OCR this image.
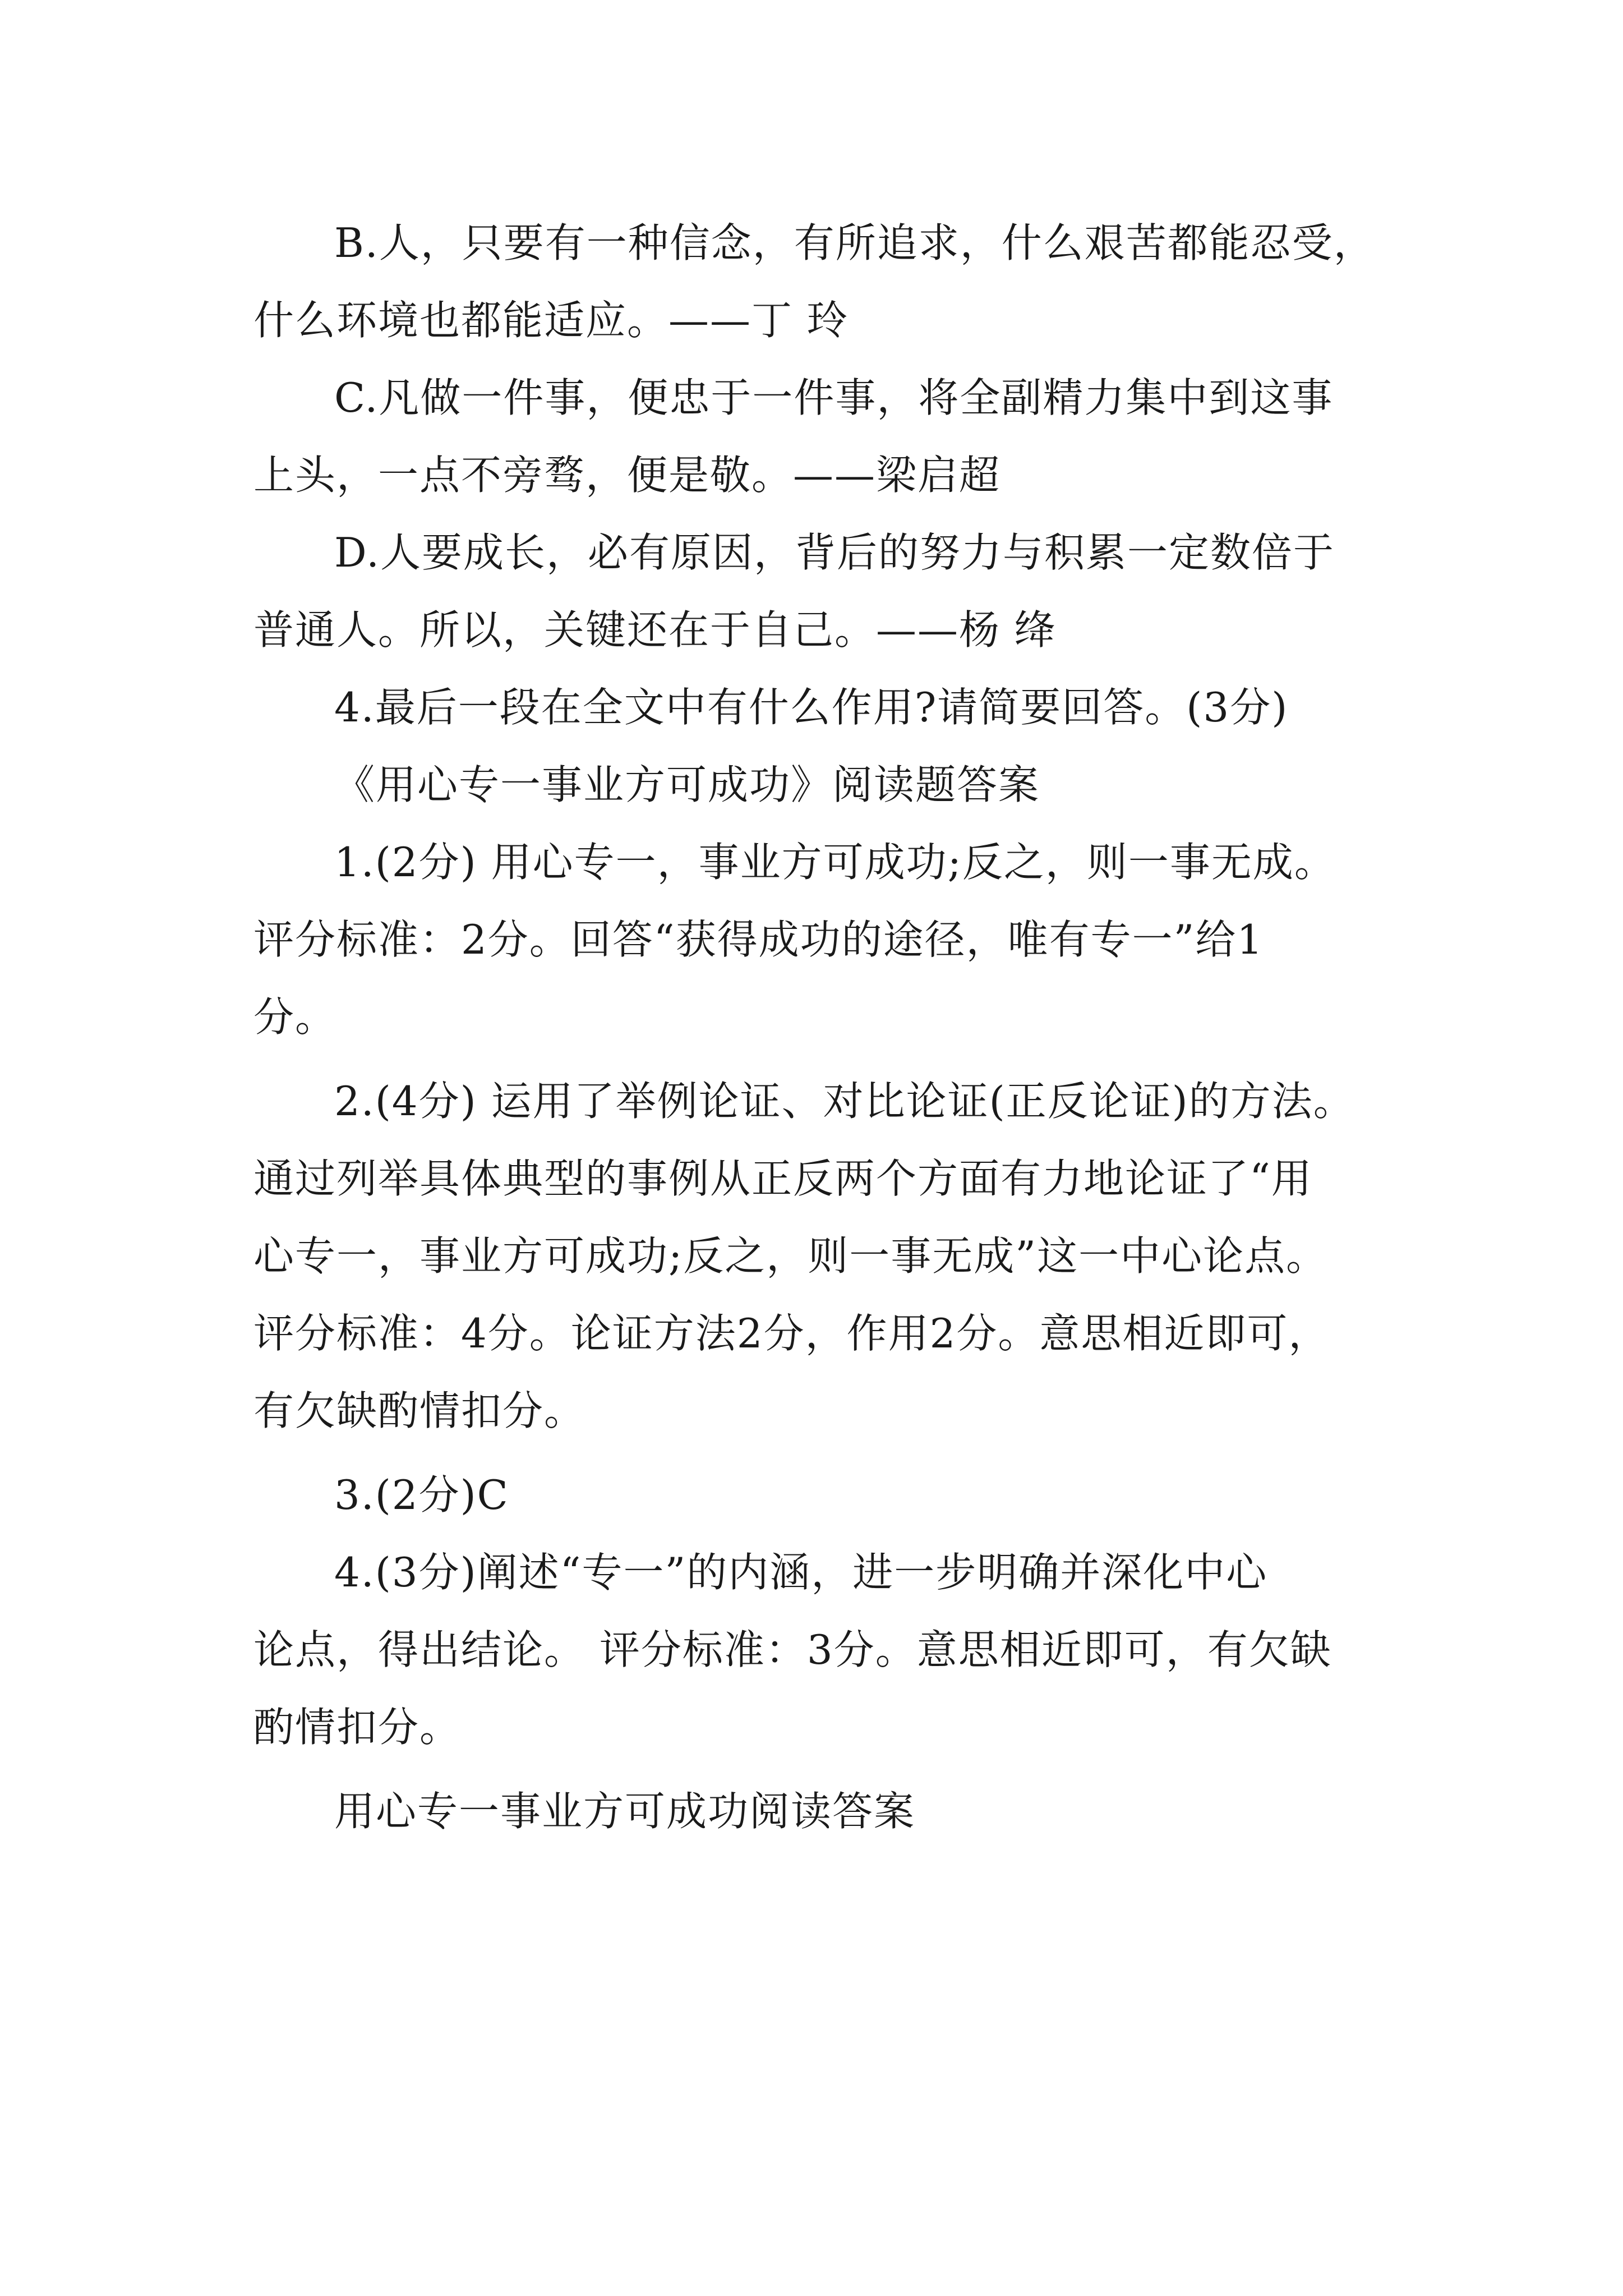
B.人，只要有一种信念，有所追求，什么艰苦都能忍受，
什么环境也都能适应。——丁 玲
C.凡做一件事，便忠于一件事，将全副精力集中到这事
上头，一点不旁骛，便是敬。——梁启超
D.人要成长，必有原因，背后的努力与积累一定数倍于
普通人。所以，关键还在于自己。——杨 绛
4.最后一段在全文中有什么作用?请简要回答。(3分)
《用心专一事业方可成功》阅读题答案
1.(2分) 用心专一，事业方可成功;反之，则一事无成。
评分标准：2分。回答“获得成功的途径，唯有专一”给1
分。
2.(4分) 运用了举例论证、对比论证(正反论证)的方法。
通过列举具体典型的事例从正反两个方面有力地论证了“用
心专一，事业方可成功;反之，则一事无成”这一中心论点。
评分标准：4分。论证方法2分，作用2分。意思相近即可，
有欠缺酌情扣分。
3.(2分)C
4.(3分)阐述“专一”的内涵，进一步明确并深化中心
论点，得出结论。 评分标准：3分。意思相近即可，有欠缺
酌情扣分。
用心专一事业方可成功阅读答案
